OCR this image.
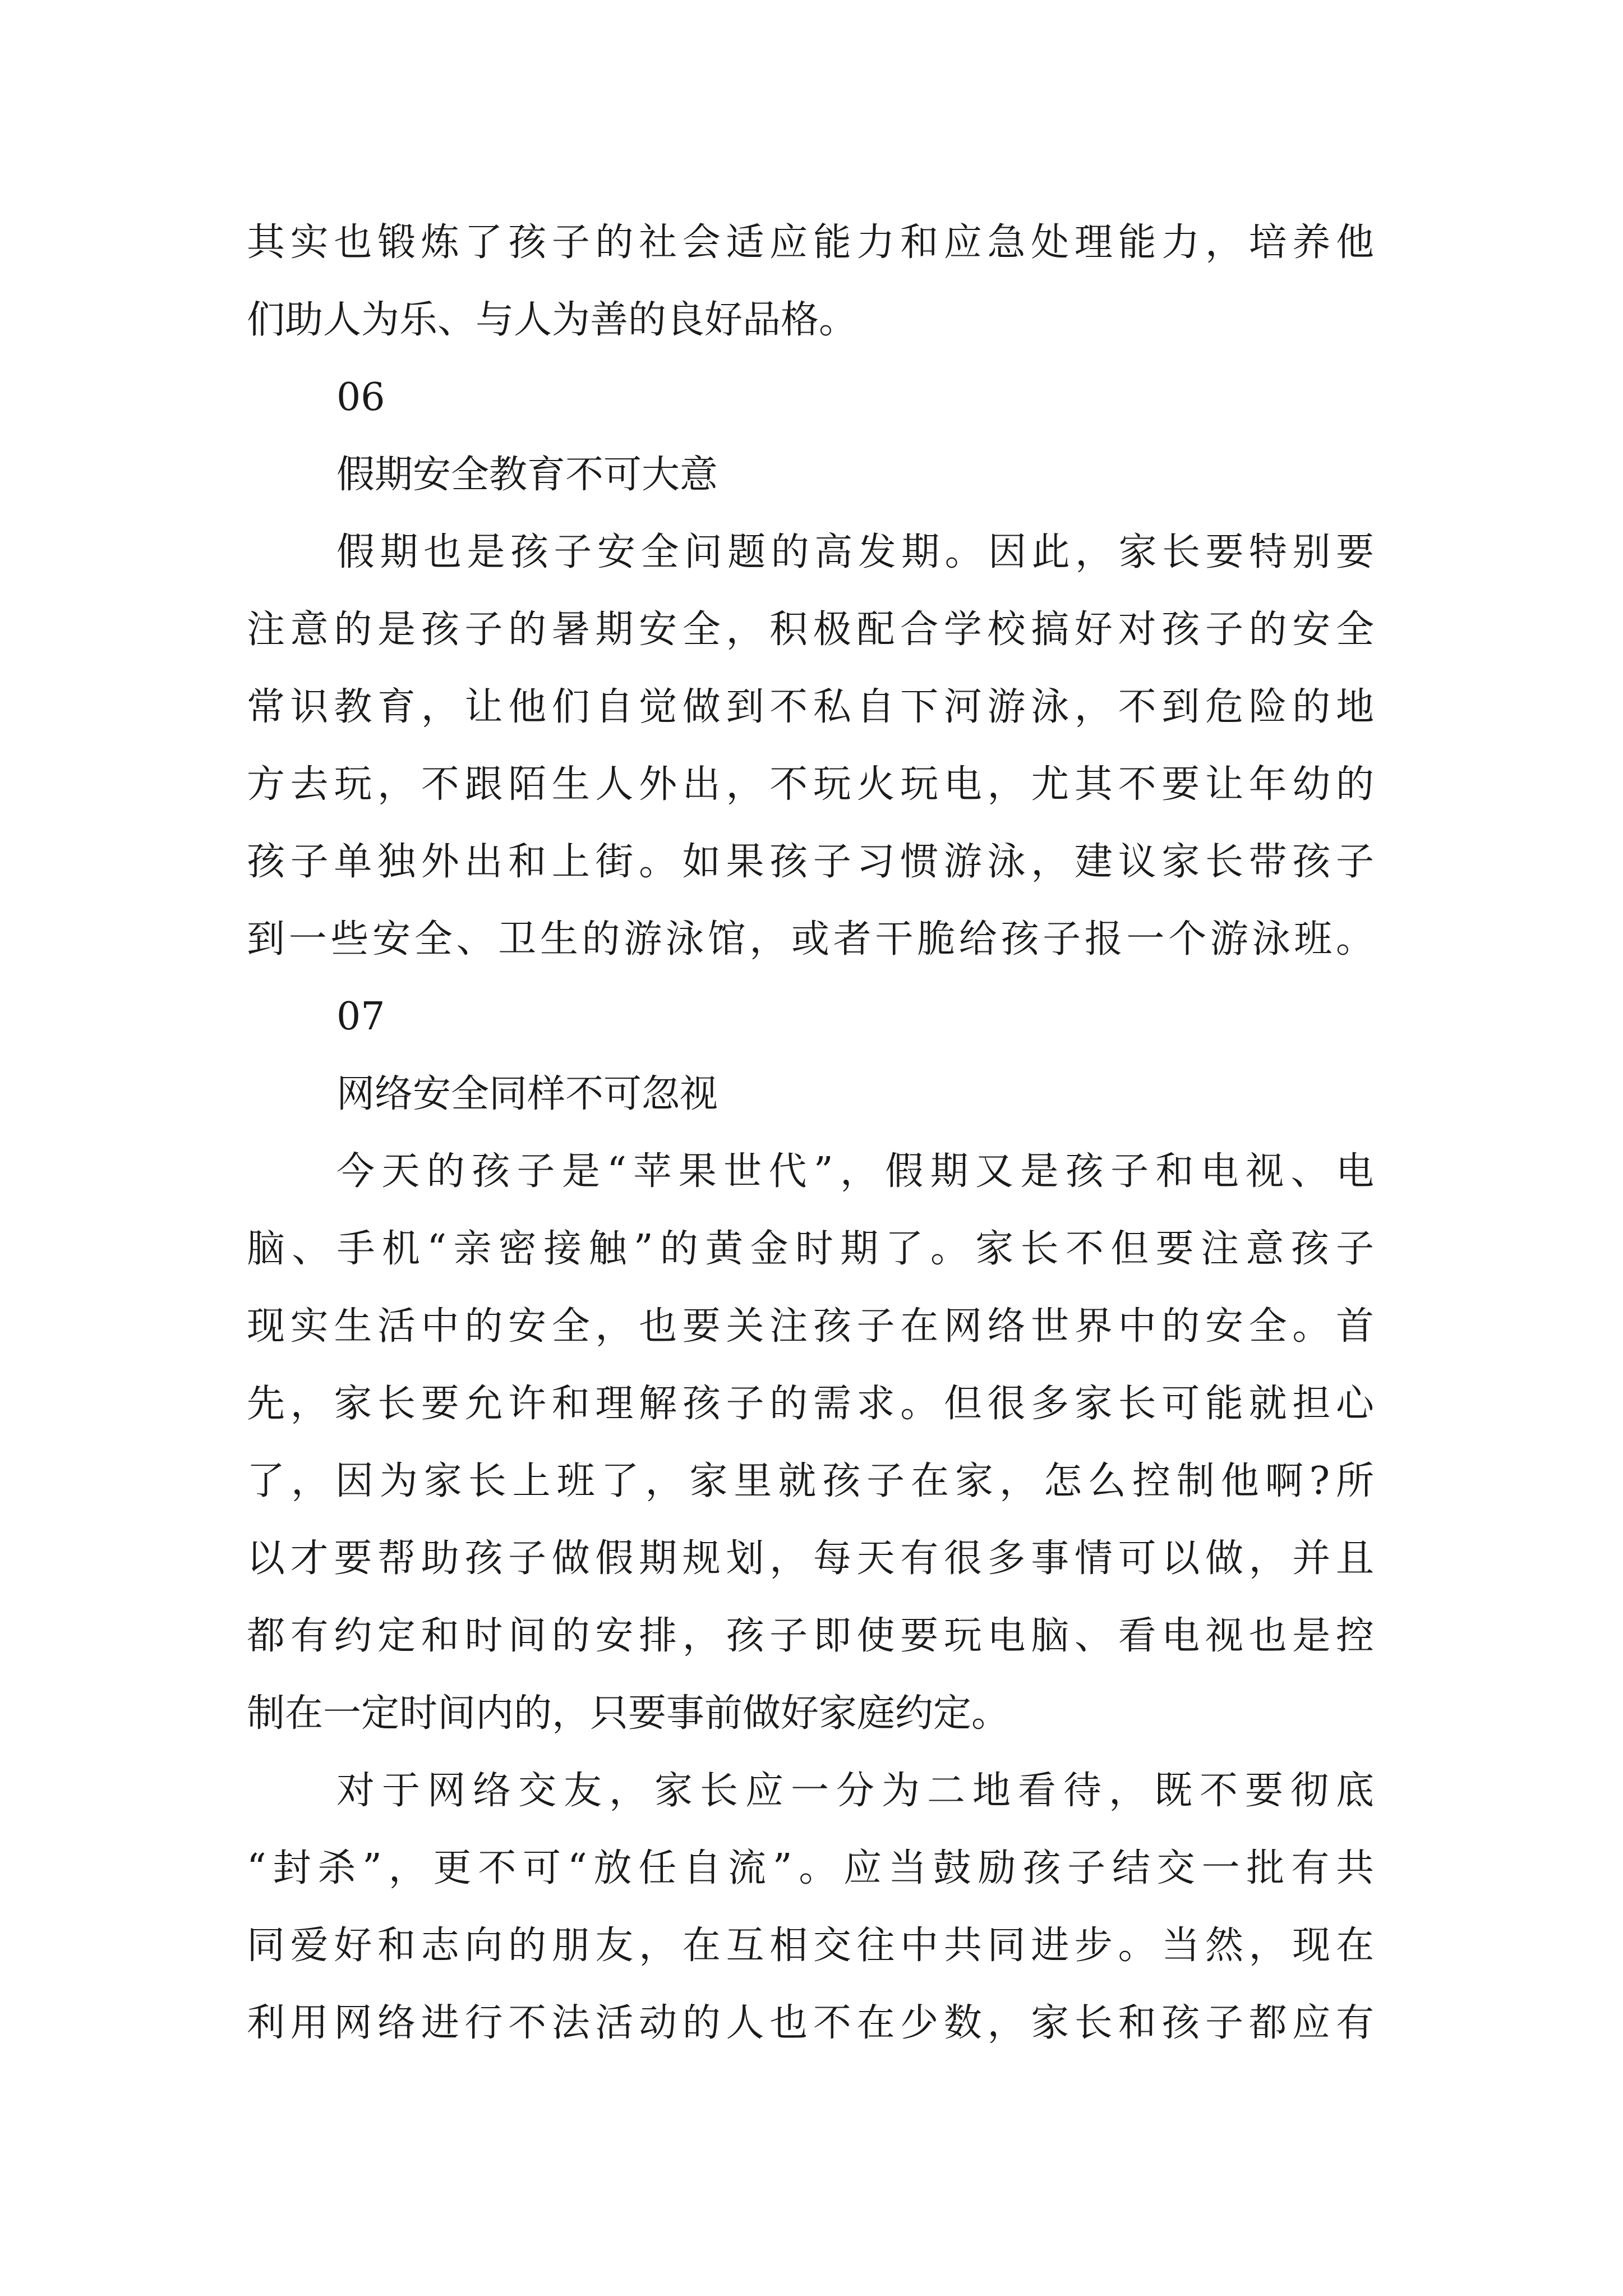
其实也锻炼了孩子的社会适应能力和应急处理能力，培养他
们助人为乐、与人为善的良好品格。
06
假期安全教育不可大意
假期也是孩子安全问题的高发期。因此，家长要特别要
注意的是孩子的暑期安全，积极配合学校搞好对孩子的安全
常识教育，让他们自觉做到不私自下河游泳，不到危险的地
方去玩，不跟陌生人外出，不玩火玩电，尤其不要让年幼的
孩子单独外出和上街。如果孩子习惯游泳，建议家长带孩子
到一些安全、卫生的游泳馆，或者干脆给孩子报一个游泳班。
07
网络安全同样不可忽视
今天的孩子是“苹果世代”，假期又是孩子和电视、电
脑、手机“亲密接触”的黄金时期了。家长不但要注意孩子
现实生活中的安全，也要关注孩子在网络世界中的安全。首
先，家长要允许和理解孩子的需求。但很多家长可能就担心
了，因为家长上班了，家里就孩子在家，怎么控制他啊?所
以才要帮助孩子做假期规划，每天有很多事情可以做，并且
都有约定和时间的安排，孩子即使要玩电脑、看电视也是控
制在一定时间内的，只要事前做好家庭约定。
对于网络交友，家长应一分为二地看待，既不要彻底
“封杀”，更不可“放任自流”。应当鼓励孩子结交一批有共
同爱好和志向的朋友，在互相交往中共同进步。当然，现在
利用网络进行不法活动的人也不在少数，家长和孩子都应有
